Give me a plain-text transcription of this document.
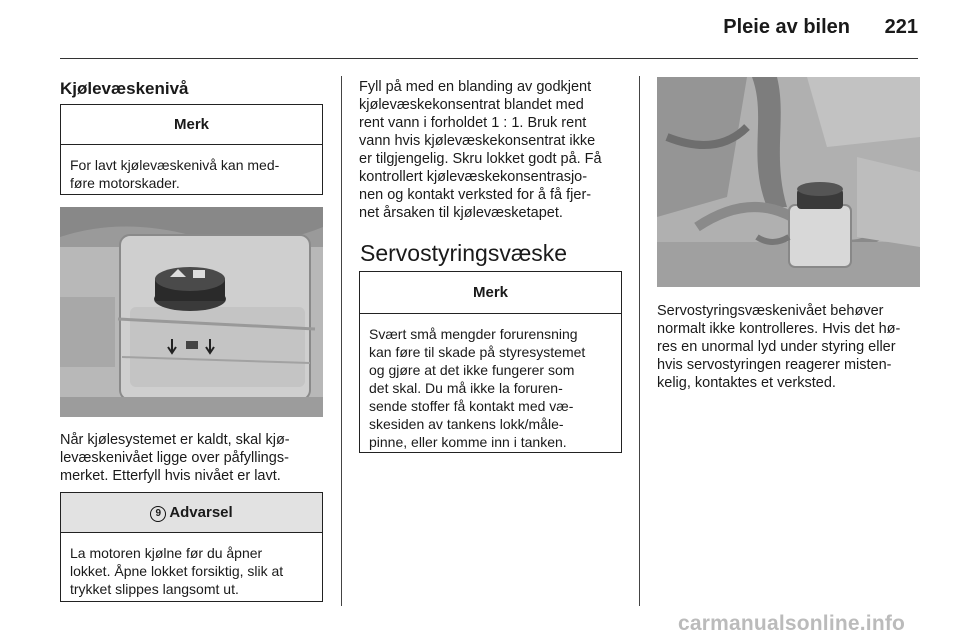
Pleie av bilen	221
Kjølevæskenivå
Merk

For lavt kjølevæskenivå kan med-

føre motorskader.

Når kjølesystemet er kaldt, skal kjø-

levæskenivået ligge over påfyllings-

merket. Etterfyll hvis nivået er lavt.

9 Advarsel

La motoren kjølne før du åpner

lokket. Åpne lokket forsiktig, slik at

trykket slippes langsomt ut.

Fyll på med en blanding av godkjent

kjølevæskekonsentrat blandet med

rent vann i forholdet 1 : 1. Bruk rent

vann hvis kjølevæskekonsentrat ikke

er tilgjengelig. Skru lokket godt på. Få

kontrollert kjølevæskekonsentrasjo-

nen og kontakt verksted for å få fjer-

net årsaken til kjølevæsketapet.

Servostyringsvæske
Merk

Svært små mengder forurensning

kan føre til skade på styresystemet

og gjøre at det ikke fungerer som

det skal. Du må ikke la foruren-

sende stoffer få kontakt med væ-

skesiden av tankens lokk/måle-

pinne, eller komme inn i tanken.

Servostyringsvæskenivået behøver

normalt ikke kontrolleres. Hvis det hø-

res en unormal lyd under styring eller

hvis servostyringen reagerer misten-

kelig, kontaktes et verksted.

carmanualsonline.info
